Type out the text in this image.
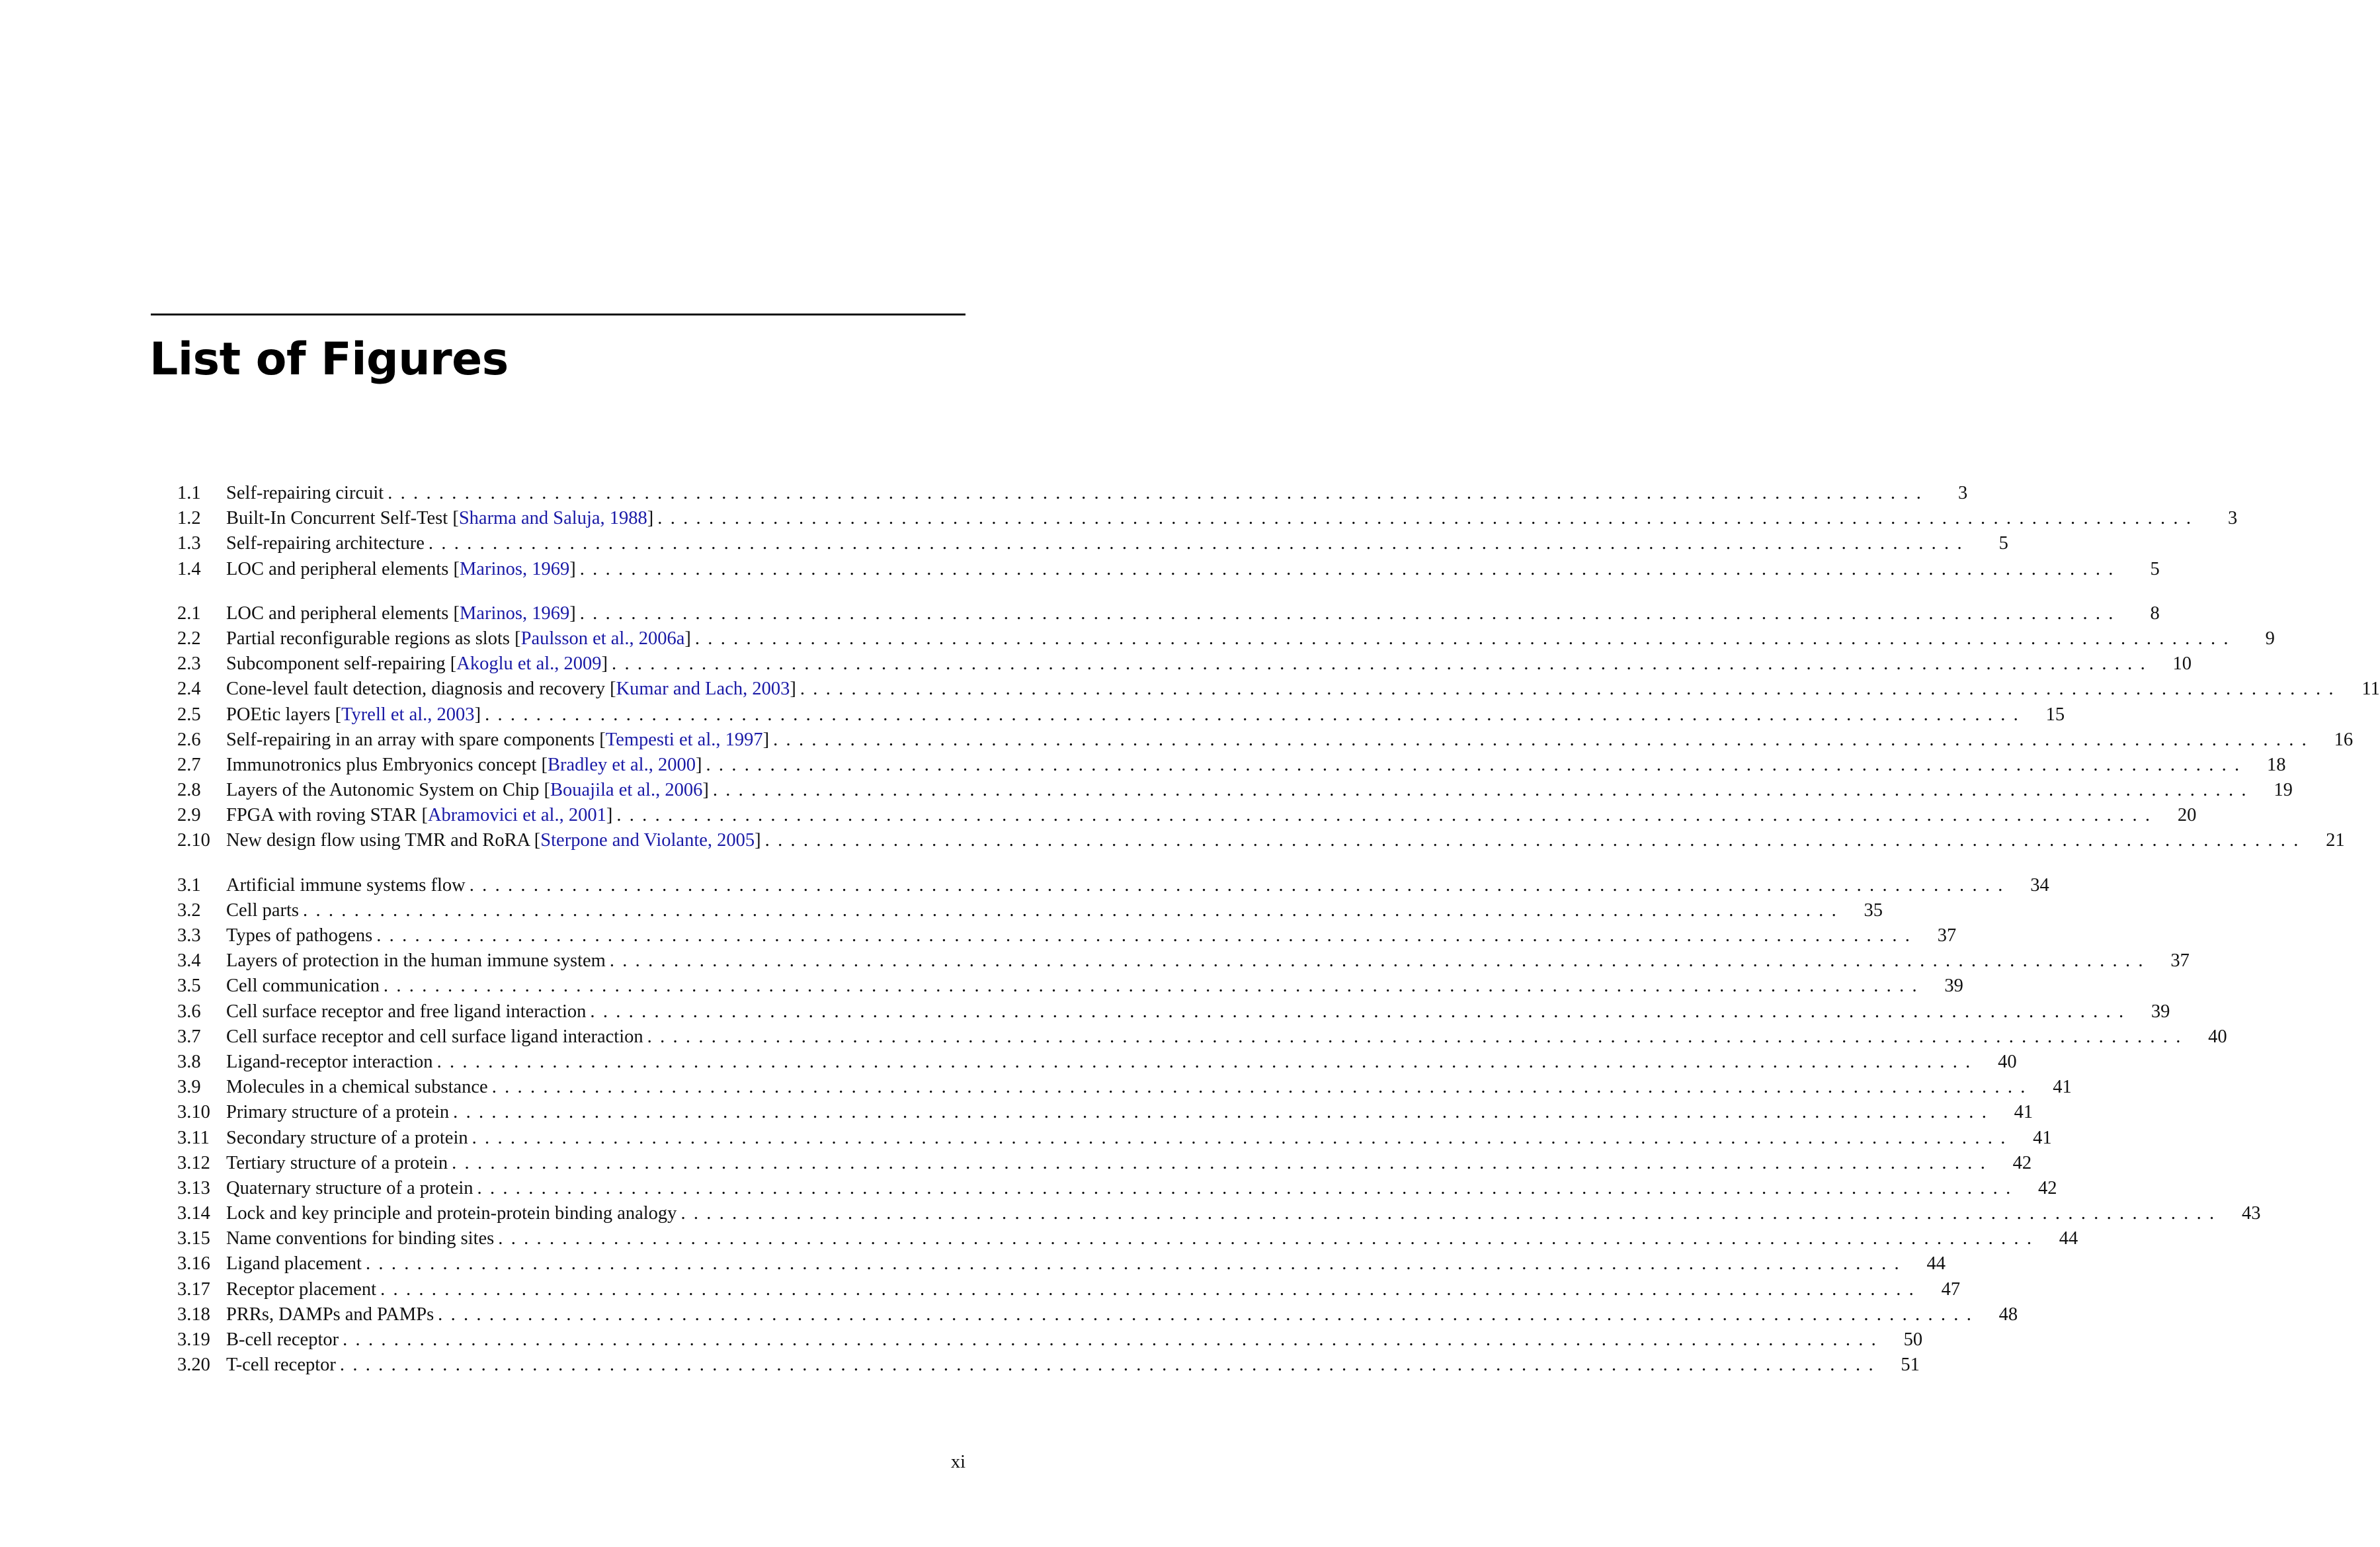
List of Figures
1.1	Self-repairing circuit ........................................................................................................................	3
1.2	Built-In Concurrent Self-Test [Sharma and Saluja, 1988] ........................................................................................................................	3
1.3	Self-repairing architecture ........................................................................................................................	5
1.4	LOC and peripheral elements [Marinos, 1969] ........................................................................................................................	5
2.1	LOC and peripheral elements [Marinos, 1969] ........................................................................................................................	8
2.2	Partial reconfigurable regions as slots [Paulsson et al., 2006a] ........................................................................................................................	9
2.3	Subcomponent self-repairing [Akoglu et al., 2009] ........................................................................................................................	10
2.4	Cone-level fault detection, diagnosis and recovery [Kumar and Lach, 2003] ........................................................................................................................	11
2.5	POEtic layers [Tyrell et al., 2003] ........................................................................................................................	15
2.6	Self-repairing in an array with spare components [Tempesti et al., 1997] ........................................................................................................................	16
2.7	Immunotronics plus Embryonics concept [Bradley et al., 2000] ........................................................................................................................	18
2.8	Layers of the Autonomic System on Chip [Bouajila et al., 2006] ........................................................................................................................	19
2.9	FPGA with roving STAR [Abramovici et al., 2001] ........................................................................................................................	20
2.10 New design flow using TMR and RoRA [Sterpone and Violante, 2005] ........................................................................................................................	21
3.1	Artificial immune systems flow ........................................................................................................................	34
3.2	Cell parts ........................................................................................................................	35
3.3	Types of pathogens ........................................................................................................................	37
3.4	Layers of protection in the human immune system ........................................................................................................................	37
3.5	Cell communication ........................................................................................................................	39
3.6	Cell surface receptor and free ligand interaction ........................................................................................................................	39
3.7	Cell surface receptor and cell surface ligand interaction ........................................................................................................................	40
3.8	Ligand-receptor interaction ........................................................................................................................	40
3.9	Molecules in a chemical substance ........................................................................................................................	41
3.10 Primary structure of a protein ........................................................................................................................	41
3.11 Secondary structure of a protein ........................................................................................................................	41
3.12 Tertiary structure of a protein ........................................................................................................................	42
3.13 Quaternary structure of a protein ........................................................................................................................	42
3.14 Lock and key principle and protein-protein binding analogy ........................................................................................................................	43
3.15 Name conventions for binding sites ........................................................................................................................	44
3.16 Ligand placement ........................................................................................................................	44
3.17 Receptor placement ........................................................................................................................	47
3.18 PRRs, DAMPs and PAMPs ........................................................................................................................	48
3.19 B-cell receptor ........................................................................................................................	50
3.20 T-cell receptor ........................................................................................................................	51
xi
